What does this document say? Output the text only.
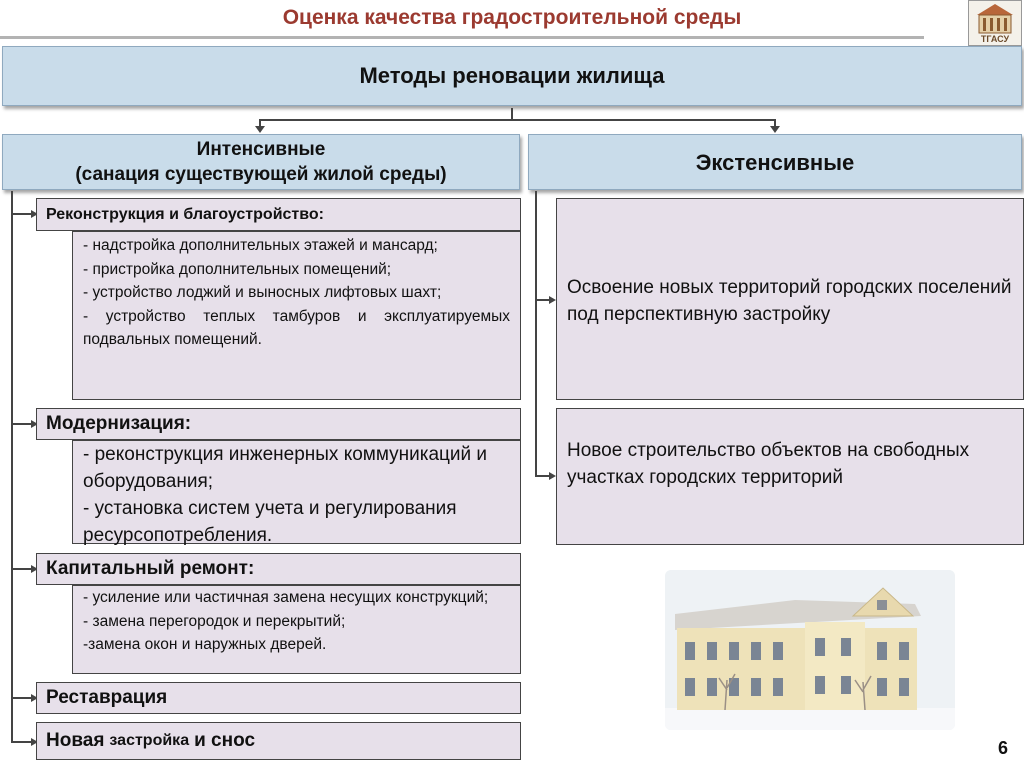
Оценка качества градостроительной среды
ТГАСУ
Методы реновации жилища
Интенсивные
(санация существующей жилой среды)	Экстенсивные
Реконструкция и благоустройство:
- надстройка дополнительных этажей и мансард;
- пристройка дополнительных помещений;
- устройство лоджий и выносных лифтовых шахт;
- устройство теплых тамбуров и эксплуатируемых подвальных помещений.
Модернизация:
- реконструкция инженерных коммуникаций и оборудования;
- установка систем учета и регулирования ресурсопотребления.
Капитальный ремонт:
- усиление или частичная замена несущих конструкций;
- замена перегородок и перекрытий;
-замена окон и наружных дверей.
Реставрация
Новая застройка и снос
Освоение новых территорий городских поселений под перспективную застройку
Новое строительство объектов на свободных участках городских территорий
6
